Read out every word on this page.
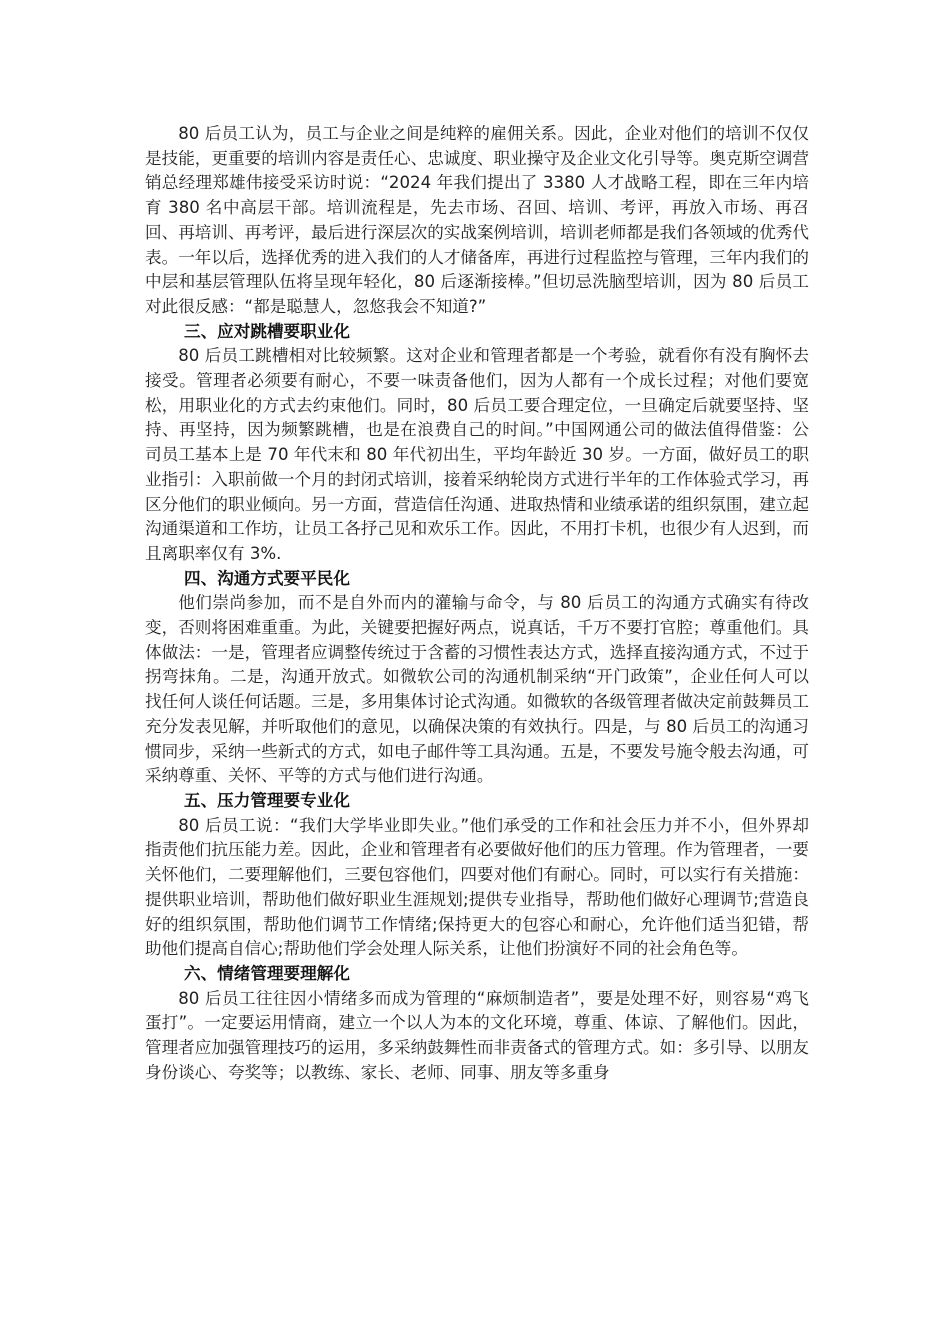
80 后员工认为，员工与企业之间是纯粹的雇佣关系。因此，企业对他们的培训不仅仅是技能，更重要的培训内容是责任心、忠诚度、职业操守及企业文化引导等。奥克斯空调营销总经理郑雄伟接受采访时说：“2024 年我们提出了 3380 人才战略工程，即在三年内培育 380 名中高层干部。培训流程是，先去市场、召回、培训、考评，再放入市场、再召回、再培训、再考评，最后进行深层次的实战案例培训，培训老师都是我们各领域的优秀代表。一年以后，选择优秀的进入我们的人才储备库，再进行过程监控与管理，三年内我们的中层和基层管理队伍将呈现年轻化，80 后逐渐接棒。”但切忌洗脑型培训，因为 80 后员工对此很反感：“都是聪慧人，忽悠我会不知道?”

三、应对跳槽要职业化

80 后员工跳槽相对比较频繁。这对企业和管理者都是一个考验，就看你有没有胸怀去接受。管理者必须要有耐心，不要一味责备他们，因为人都有一个成长过程；对他们要宽松，用职业化的方式去约束他们。同时，80 后员工要合理定位，一旦确定后就要坚持、坚持、再坚持，因为频繁跳槽，也是在浪费自己的时间。”中国网通公司的做法值得借鉴：公司员工基本上是 70 年代末和 80 年代初出生，平均年龄近 30 岁。一方面，做好员工的职业指引：入职前做一个月的封闭式培训，接着采纳轮岗方式进行半年的工作体验式学习，再区分他们的职业倾向。另一方面，营造信任沟通、进取热情和业绩承诺的组织氛围，建立起沟通渠道和工作坊，让员工各抒己见和欢乐工作。因此，不用打卡机，也很少有人迟到，而且离职率仅有 3%.

四、沟通方式要平民化

他们崇尚参加，而不是自外而内的灌输与命令，与 80 后员工的沟通方式确实有待改变，否则将困难重重。为此，关键要把握好两点，说真话，千万不要打官腔；尊重他们。具体做法：一是，管理者应调整传统过于含蓄的习惯性表达方式，选择直接沟通方式，不过于拐弯抹角。二是，沟通开放式。如微软公司的沟通机制采纳“开门政策”，企业任何人可以找任何人谈任何话题。三是，多用集体讨论式沟通。如微软的各级管理者做决定前鼓舞员工充分发表见解，并听取他们的意见，以确保决策的有效执行。四是，与 80 后员工的沟通习惯同步，采纳一些新式的方式，如电子邮件等工具沟通。五是，不要发号施令般去沟通，可采纳尊重、关怀、平等的方式与他们进行沟通。

五、压力管理要专业化

80 后员工说：“我们大学毕业即失业。”他们承受的工作和社会压力并不小，但外界却指责他们抗压能力差。因此，企业和管理者有必要做好他们的压力管理。作为管理者，一要关怀他们，二要理解他们，三要包容他们，四要对他们有耐心。同时，可以实行有关措施：提供职业培训，帮助他们做好职业生涯规划;提供专业指导，帮助他们做好心理调节;营造良好的组织氛围，帮助他们调节工作情绪;保持更大的包容心和耐心，允许他们适当犯错，帮助他们提高自信心;帮助他们学会处理人际关系，让他们扮演好不同的社会角色等。

六、情绪管理要理解化

80 后员工往往因小情绪多而成为管理的“麻烦制造者”，要是处理不好，则容易“鸡飞蛋打”。一定要运用情商，建立一个以人为本的文化环境，尊重、体谅、了解他们。因此，管理者应加强管理技巧的运用，多采纳鼓舞性而非责备式的管理方式。如：多引导、以朋友身份谈心、夸奖等；以教练、家长、老师、同事、朋友等多重身
